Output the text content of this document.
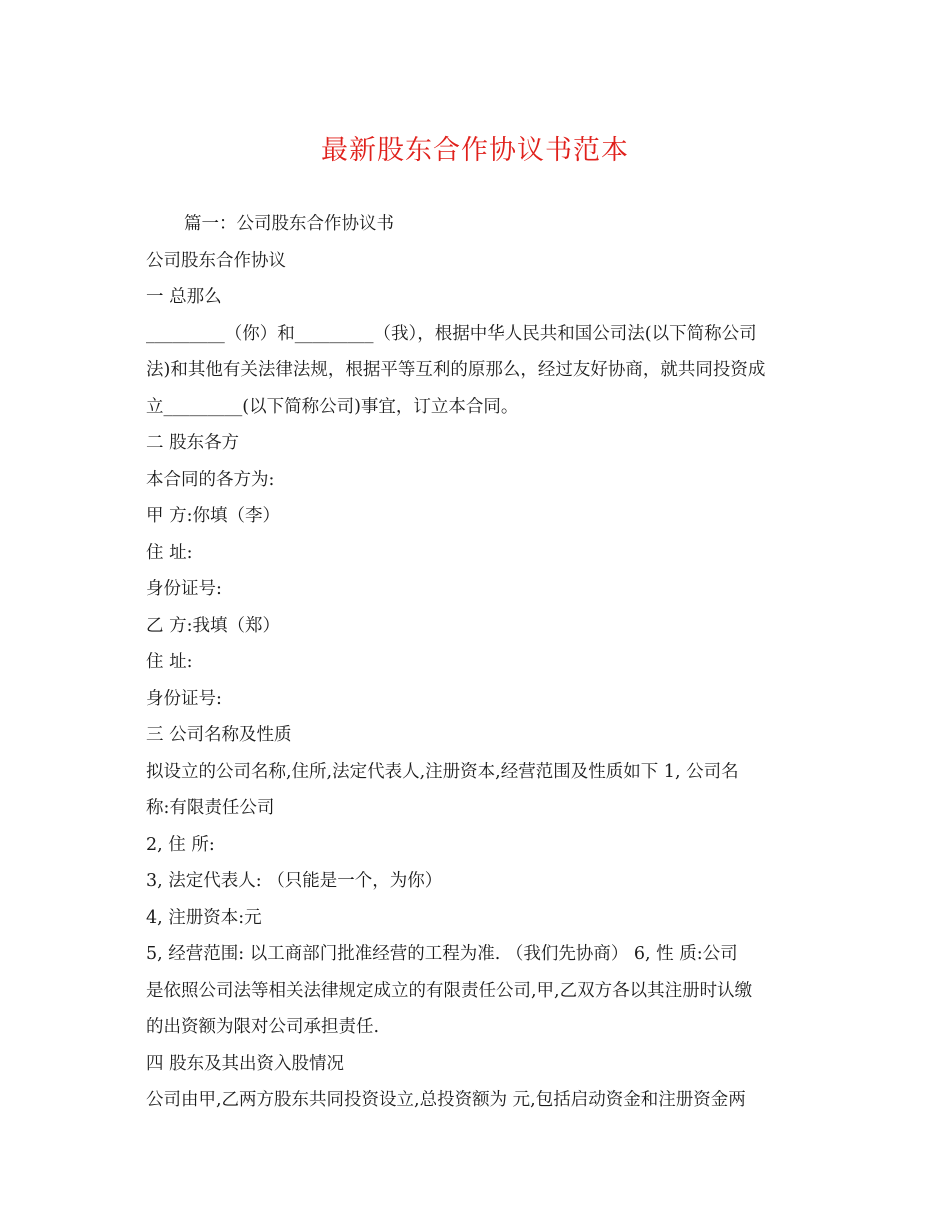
最新股东合作协议书范本

篇一：公司股东合作协议书

公司股东合作协议

一 总那么

_________（你）和_________（我），根据中华人民共和国公司法(以下简称公司

法)和其他有关法律法规，根据平等互利的原那么，经过友好协商，就共同投资成

立_________(以下简称公司)事宜，订立本合同。

二 股东各方

本合同的各方为:

甲 方:你填（李）

住 址:

身份证号:

乙 方:我填（郑）

住 址:

身份证号:

三 公司名称及性质

拟设立的公司名称,住所,法定代表人,注册资本,经营范围及性质如下 1, 公司名

称:有限责任公司

2, 住 所:

3, 法定代表人: （只能是一个，为你）

4, 注册资本:元

5, 经营范围: 以工商部门批准经营的工程为准. （我们先协商） 6, 性 质:公司

是依照公司法等相关法律规定成立的有限责任公司,甲,乙双方各以其注册时认缴

的出资额为限对公司承担责任.

四 股东及其出资入股情况

公司由甲,乙两方股东共同投资设立,总投资额为 元,包括启动资金和注册资金两
